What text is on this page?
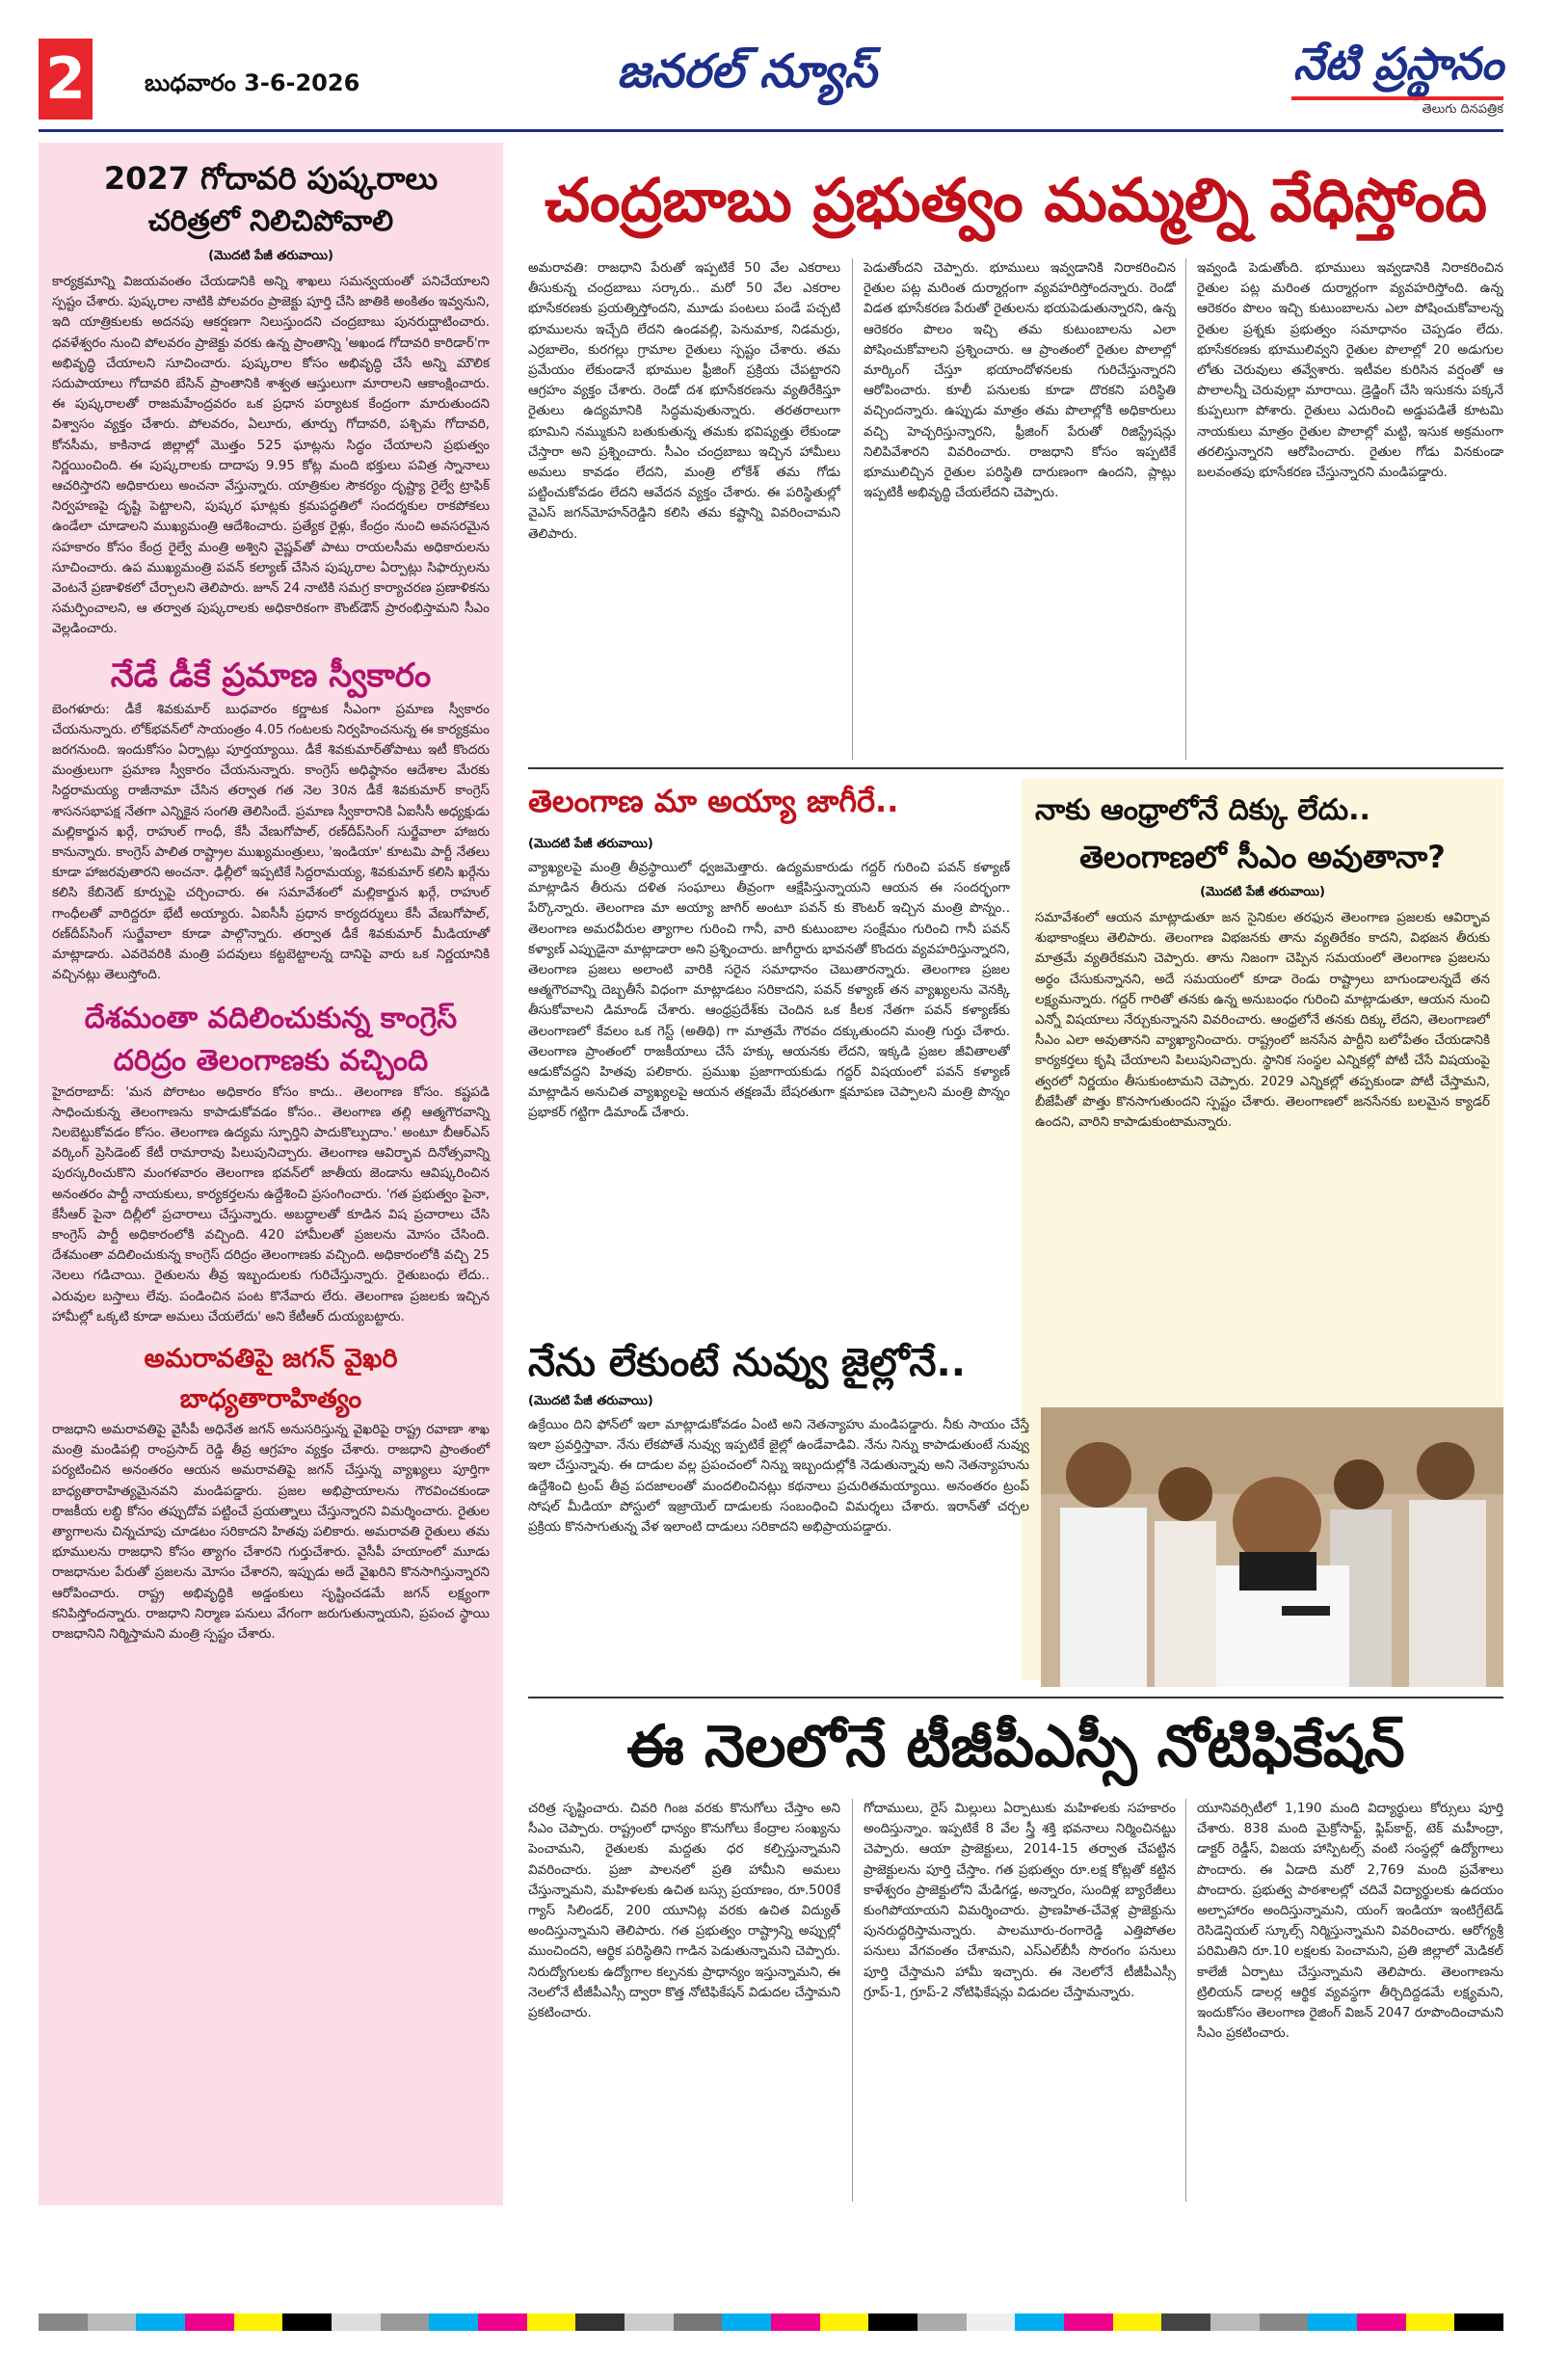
2	బుధవారం 3-6-2026	జనరల్ న్యూస్	నేటి ప్రస్థానం
తెలుగు దినపత్రిక
2027 గోదావరి పుష్కరాలు
చరిత్రలో నిలిచిపోవాలి
(మొదటి పేజీ తరువాయి)

కార్యక్రమాన్ని విజయవంతం చేయడానికి అన్ని శాఖలు సమన్వయంతో పనిచేయాలని స్పష్టం చేశారు. పుష్కరాల నాటికి పోలవరం ప్రాజెక్టు పూర్తి చేసి జాతికి అంకితం ఇవ్వనుని, ఇది యాత్రికులకు అదనపు ఆకర్షణగా నిలుస్తుందని చంద్రబాబు పునరుద్ఘాటించారు. ధవళేశ్వరం నుంచి పోలవరం ప్రాజెక్టు వరకు ఉన్న ప్రాంతాన్ని 'అఖండ గోదావరి కారిడార్'గా అభివృద్ధి చేయాలని సూచించారు. పుష్కరాల కోసం అభివృద్ధి చేసే అన్ని మౌలిక సదుపాయాలు గోదావరి బేసిన్ ప్రాంతానికి శాశ్వత ఆస్తులుగా మారాలని ఆకాంక్షించారు. ఈ పుష్కరాలతో రాజమహేంద్రవరం ఒక ప్రధాన పర్యాటక కేంద్రంగా మారుతుందని విశ్వాసం వ్యక్తం చేశారు. పోలవరం, ఏలూరు, తూర్పు గోదావరి, పశ్చిమ గోదావరి, కోనసీమ, కాకినాడ జిల్లాల్లో మొత్తం 525 ఘాట్లను సిద్ధం చేయాలని ప్రభుత్వం నిర్ణయించింది. ఈ పుష్కరాలకు దాదాపు 9.95 కోట్ల మంది భక్తులు పవిత్ర స్నానాలు ఆచరిస్తారని అధికారులు అంచనా వేస్తున్నారు. యాత్రికుల సౌకర్యం దృష్ట్యా రైల్వే ట్రాఫిక్ నిర్వహణపై దృష్టి పెట్టాలని, పుష్కర ఘాట్లకు క్రమపద్ధతిలో సందర్శకుల రాకపోకలు ఉండేలా చూడాలని ముఖ్యమంత్రి ఆదేశించారు. ప్రత్యేక రైళ్లు, కేంద్రం నుంచి అవసరమైన సహకారం కోసం కేంద్ర రైల్వే మంత్రి అశ్విని వైష్ణవ్‌తో పాటు రాయలసీమ అధికారులను సూచించారు. ఉప ముఖ్యమంత్రి పవన్ కల్యాణ్ చేసిన పుష్కరాల ఏర్పాట్లు సిఫార్సులను వెంటనే ప్రణాళికలో చేర్చాలని తెలిపారు. జూన్ 24 నాటికి సమగ్ర కార్యాచరణ ప్రణాళికను సమర్పించాలని, ఆ తర్వాత పుష్కరాలకు అధికారికంగా కౌంట్‌డౌన్ ప్రారంభిస్తామని సీఎం వెల్లడించారు.

నేడే డీకే ప్రమాణ స్వీకారం

బెంగళూరు: డీకే శివకుమార్ బుధవారం కర్ణాటక సీఎంగా ప్రమాణ స్వీకారం చేయనున్నారు. లోక్‌భవన్‌లో సాయంత్రం 4.05 గంటలకు నిర్వహించనున్న ఈ కార్యక్రమం జరగనుంది. ఇందుకోసం ఏర్పాట్లు పూర్తయ్యాయి. డీకే శివకుమార్‌తోపాటు ఇటీ కొందరు మంత్రులుగా ప్రమాణ స్వీకారం చేయనున్నారు. కాంగ్రెస్ అధిష్ఠానం ఆదేశాల మేరకు సిద్దరామయ్య రాజీనామా చేసిన తర్వాత గత నెల 30న డీకే శివకుమార్ కాంగ్రెస్ శాసనసభాపక్ష నేతగా ఎన్నికైన సంగతి తెలిసిందే. ప్రమాణ స్వీకారానికి ఏఐసీసీ అధ్యక్షుడు మల్లికార్జున ఖర్గే, రాహుల్ గాంధీ, కేసీ వేణుగోపాల్, రణ్‌దీప్‌సింగ్ సుర్జేవాలా హాజరు కానున్నారు. కాంగ్రెస్ పాలిత రాష్ట్రాల ముఖ్యమంత్రులు, 'ఇండియా' కూటమి పార్టీ నేతలు కూడా హాజరవుతారని అంచనా. ఢిల్లీలో ఇప్పటికే సిద్దరామయ్య, శివకుమార్ కలిసి ఖర్గేను కలిసి కేబినెట్ కూర్పుపై చర్చించారు. ఈ సమావేశంలో మల్లికార్జున ఖర్గే, రాహుల్ గాంధీలతో వారిద్దరూ భేటీ అయ్యారు. ఏఐసీసీ ప్రధాన కార్యదర్శులు కేసీ వేణుగోపాల్, రణ్‌దీప్‌సింగ్ సుర్జేవాలా కూడా పాల్గొన్నారు. తర్వాత డీకే శివకుమార్ మీడియాతో మాట్లాడారు. ఎవరెవరికి మంత్రి పదవులు కట్టబెట్టాలన్న దానిపై వారు ఒక నిర్ణయానికి వచ్చినట్లు తెలుస్తోంది.

దేశమంతా వదిలించుకున్న కాంగ్రెస్
దరిద్రం తెలంగాణకు వచ్చింది

హైదరాబాద్: 'మన పోరాటం అధికారం కోసం కాదు.. తెలంగాణ కోసం. కష్టపడి సాధించుకున్న తెలంగాణను కాపాడుకోవడం కోసం.. తెలంగాణ తల్లి ఆత్మగౌరవాన్ని నిలబెట్టుకోవడం కోసం. తెలంగాణ ఉద్యమ స్ఫూర్తిని పాదుకొల్పుదాం.' అంటూ బీఆర్ఎస్ వర్కింగ్ ప్రెసిడెంట్ కేటీ రామారావు పిలుపునిచ్చారు. తెలంగాణ ఆవిర్భావ దినోత్సవాన్ని పురస్కరించుకొని మంగళవారం తెలంగాణ భవన్‌లో జాతీయ జెండాను ఆవిష్కరించిన అనంతరం పార్టీ నాయకులు, కార్యకర్తలను ఉద్దేశించి ప్రసంగించారు. 'గత ప్రభుత్వం పైనా, కేసీఆర్ పైనా దిల్లీలో ప్రచారాలు చేస్తున్నారు. అబద్ధాలతో కూడిన విష ప్రచారాలు చేసి కాంగ్రెస్ పార్టీ అధికారంలోకి వచ్చింది. 420 హామీలతో ప్రజలను మోసం చేసింది. దేశమంతా వదిలించుకున్న కాంగ్రెస్ దరిద్రం తెలంగాణకు వచ్చింది. అధికారంలోకి వచ్చి 25 నెలలు గడిచాయి. రైతులను తీవ్ర ఇబ్బందులకు గురిచేస్తున్నారు. రైతుబంధు లేదు.. ఎరువుల బస్తాలు లేవు. పండించిన పంట కొనేవారు లేరు. తెలంగాణ ప్రజలకు ఇచ్చిన హామీల్లో ఒక్కటి కూడా అమలు చేయలేదు' అని కేటీఆర్ దుయ్యబట్టారు.

అమరావతిపై జగన్ వైఖరి బాధ్యతారాహిత్యం

రాజధాని అమరావతిపై వైసీపీ అధినేత జగన్ అనుసరిస్తున్న వైఖరిపై రాష్ట్ర రవాణా శాఖ మంత్రి మండిపల్లి రాంప్రసాద్ రెడ్డి తీవ్ర ఆగ్రహం వ్యక్తం చేశారు. రాజధాని ప్రాంతంలో పర్యటించిన అనంతరం ఆయన అమరావతిపై జగన్ చేస్తున్న వ్యాఖ్యలు పూర్తిగా బాధ్యతారాహిత్యమైనవని మండిపడ్డారు. ప్రజల అభిప్రాయాలను గౌరవించకుండా రాజకీయ లబ్ధి కోసం తప్పుదోవ పట్టించే ప్రయత్నాలు చేస్తున్నారని విమర్శించారు. రైతుల త్యాగాలను చిన్నచూపు చూడటం సరికాదని హితవు పలికారు. అమరావతి రైతులు తమ భూములను రాజధాని కోసం త్యాగం చేశారని గుర్తుచేశారు. వైసీపీ హయాంలో మూడు రాజధానుల పేరుతో ప్రజలను మోసం చేశారని, ఇప్పుడు అదే వైఖరిని కొనసాగిస్తున్నారని ఆరోపించారు. రాష్ట్ర అభివృద్ధికి అడ్డంకులు సృష్టించడమే జగన్ లక్ష్యంగా కనిపిస్తోందన్నారు. రాజధాని నిర్మాణ పనులు వేగంగా జరుగుతున్నాయని, ప్రపంచ స్థాయి రాజధానిని నిర్మిస్తామని మంత్రి స్పష్టం చేశారు.

చంద్రబాబు ప్రభుత్వం మమ్మల్ని వేధిస్తోంది
అమరావతి: రాజధాని పేరుతో ఇప్పటికే 50 వేల ఎకరాలు తీసుకున్న చంద్రబాబు సర్కారు.. మరో 50 వేల ఎకరాల భూసేకరణకు ప్రయత్నిస్తోందని, మూడు పంటలు పండే పచ్చటి భూములను ఇచ్చేది లేదని ఉండవల్లి, పెనుమాక, నిడమర్రు, ఎర్రబాలెం, కురగల్లు గ్రామాల రైతులు స్పష్టం చేశారు. తమ ప్రమేయం లేకుండానే భూముల ఫ్రీజింగ్ ప్రక్రియ చేపట్టారని ఆగ్రహం వ్యక్తం చేశారు. రెండో దశ భూసేకరణను వ్యతిరేకిస్తూ రైతులు ఉద్యమానికి సిద్ధమవుతున్నారు. తరతరాలుగా భూమిని నమ్ముకుని బతుకుతున్న తమకు భవిష్యత్తు లేకుండా చేస్తారా అని ప్రశ్నించారు. సీఎం చంద్రబాబు ఇచ్చిన హామీలు అమలు కావడం లేదని, మంత్రి లోకేశ్ తమ గోడు పట్టించుకోవడం లేదని ఆవేదన వ్యక్తం చేశారు. ఈ పరిస్థితుల్లో వైఎస్ జగన్‌మోహన్‌రెడ్డిని కలిసి తమ కష్టాన్ని వివరించామని తెలిపారు.
పెడుతోందని చెప్పారు. భూములు ఇవ్వడానికి నిరాకరించిన రైతుల పట్ల మరింత దుర్మార్గంగా వ్యవహరిస్తోందన్నారు. రెండో విడత భూసేకరణ పేరుతో రైతులను భయపెడుతున్నారని, ఉన్న ఆరెకరం పొలం ఇచ్చి తమ కుటుంబాలను ఎలా పోషించుకోవాలని ప్రశ్నించారు. ఆ ప్రాంతంలో రైతుల పొలాల్లో మార్కింగ్ చేస్తూ భయాందోళనలకు గురిచేస్తున్నారని ఆరోపించారు. కూలీ పనులకు కూడా దొరకని పరిస్థితి వచ్చిందన్నారు. ఉప్పుడు మాత్రం తమ పొలాల్లోకి అధికారులు వచ్చి హెచ్చరిస్తున్నారని, ఫ్రీజింగ్ పేరుతో రిజిస్ట్రేషన్లు నిలిపివేశారని వివరించారు. రాజధాని కోసం ఇప్పటికే భూములిచ్చిన రైతుల పరిస్థితి దారుణంగా ఉందని, ప్లాట్లు ఇప్పటికీ అభివృద్ధి చేయలేదని చెప్పారు.
ఇవ్వండి పెడుతోంది. భూములు ఇవ్వడానికి నిరాకరించిన రైతుల పట్ల మరింత దుర్మార్గంగా వ్యవహరిస్తోంది. ఉన్న ఆరెకరం పొలం ఇచ్చి కుటుంబాలను ఎలా పోషించుకోవాలన్న రైతుల ప్రశ్నకు ప్రభుత్వం సమాధానం చెప్పడం లేదు. భూసేకరణకు భూములివ్వని రైతుల పొలాల్లో 20 అడుగుల లోతు చెరువులు తవ్వేశారు. ఇటీవల కురిసిన వర్షంతో ఆ పొలాలన్నీ చెరువుల్లా మారాయి. డ్రెడ్జింగ్ చేసి ఇసుకను పక్కనే కుప్పలుగా పోశారు. రైతులు ఎదురించి అడ్డుపడితే కూటమి నాయకులు మాత్రం రైతుల పొలాల్లో మట్టి, ఇసుక అక్రమంగా తరలిస్తున్నారని ఆరోపించారు. రైతుల గోడు వినకుండా బలవంతపు భూసేకరణ చేస్తున్నారని మండిపడ్డారు.
తెలంగాణ మా అయ్యా జాగీరే..
(మొదటి పేజీ తరువాయి)
వ్యాఖ్యలపై మంత్రి తీవ్రస్థాయిలో ధ్వజమెత్తారు. ఉద్యమకారుడు గద్దర్ గురించి పవన్ కళ్యాణ్ మాట్లాడిన తీరును దళిత సంఘాలు తీవ్రంగా ఆక్షేపిస్తున్నాయని ఆయన ఈ సందర్భంగా పేర్కొన్నారు. తెలంగాణ మా అయ్యా జాగిర్ అంటూ పవన్ కు కౌంటర్ ఇచ్చిన మంత్రి పొన్నం.. తెలంగాణ అమరవీరుల త్యాగాల గురించి గానీ, వారి కుటుంబాల సంక్షేమం గురించి గానీ పవన్ కళ్యాణ్ ఎప్పుడైనా మాట్లాడారా అని ప్రశ్నించారు. జాగీర్దారు భావనతో కొందరు వ్యవహరిస్తున్నారని, తెలంగాణ ప్రజలు అలాంటి వారికి సరైన సమాధానం చెబుతారన్నారు. తెలంగాణ ప్రజల ఆత్మగౌరవాన్ని దెబ్బతీసే విధంగా మాట్లాడటం సరికాదని, పవన్ కళ్యాణ్ తన వ్యాఖ్యలను వెనక్కి తీసుకోవాలని డిమాండ్ చేశారు. ఆంధ్రప్రదేశ్‌కు చెందిన ఒక కీలక నేతగా పవన్ కళ్యాణ్‌కు తెలంగాణలో కేవలం ఒక గెస్ట్ (అతిథి) గా మాత్రమే గౌరవం దక్కుతుందని మంత్రి గుర్తు చేశారు. తెలంగాణ ప్రాంతంలో రాజకీయాలు చేసే హక్కు ఆయనకు లేదని, ఇక్కడి ప్రజల జీవితాలతో ఆడుకోవద్దని హితవు పలికారు. ప్రముఖ ప్రజాగాయకుడు గద్దర్ విషయంలో పవన్ కళ్యాణ్ మాట్లాడిన అనుచిత వ్యాఖ్యలపై ఆయన తక్షణమే బేషరతుగా క్షమాపణ చెప్పాలని మంత్రి పొన్నం ప్రభాకర్ గట్టిగా డిమాండ్ చేశారు.
నాకు ఆంధ్రాలోనే దిక్కు లేదు..
తెలంగాణలో సీఎం అవుతానా?
(మొదటి పేజీ తరువాయి)

సమావేశంలో ఆయన మాట్లాడుతూ జన సైనికుల తరఫున తెలంగాణ ప్రజలకు ఆవిర్భావ శుభాకాంక్షలు తెలిపారు. తెలంగాణ విభజనకు తాను వ్యతిరేకం కాదని, విభజన తీరుకు మాత్రమే వ్యతిరేకమని చెప్పారు. తాను నిజంగా చెప్పిన సమయంలో తెలంగాణ ప్రజలను అర్థం చేసుకున్నానని, అదే సమయంలో కూడా రెండు రాష్ట్రాలు బాగుండాలన్నదే తన లక్ష్యమన్నారు. గద్దర్ గారితో తనకు ఉన్న అనుబంధం గురించి మాట్లాడుతూ, ఆయన నుంచి ఎన్నో విషయాలు నేర్చుకున్నానని వివరించారు. ఆంధ్రలోనే తనకు దిక్కు లేదని, తెలంగాణలో సీఎం ఎలా అవుతానని వ్యాఖ్యానించారు. రాష్ట్రంలో జనసేన పార్టీని బలోపేతం చేయడానికి కార్యకర్తలు కృషి చేయాలని పిలుపునిచ్చారు. స్థానిక సంస్థల ఎన్నికల్లో పోటీ చేసే విషయంపై త్వరలో నిర్ణయం తీసుకుంటామని చెప్పారు. 2029 ఎన్నికల్లో తప్పకుండా పోటీ చేస్తామని, బీజేపీతో పొత్తు కొనసాగుతుందని స్పష్టం చేశారు. తెలంగాణలో జనసేనకు బలమైన క్యాడర్ ఉందని, వారిని కాపాడుకుంటామన్నారు.

నేను లేకుంటే నువ్వు జైల్లోనే..
(మొదటి పేజీ తరువాయి)
ఉక్రేయిం దిని ఫోన్‌లో ఇలా మాట్లాడుకోవడం ఏంటి అని నెతన్యాహు మండిపడ్డారు. నీకు సాయం చేస్తే ఇలా ప్రవర్తిస్తావా. నేను లేకపోతే నువ్వు ఇప్పటికే జైల్లో ఉండేవాడివి. నేను నిన్ను కాపాడుతుంటే నువ్వు ఇలా చేస్తున్నావు. ఈ దాడుల వల్ల ప్రపంచంలో నిన్ను ఇబ్బందుల్లోకి నెడుతున్నావు అని నెతన్యాహును ఉద్దేశించి ట్రంప్ తీవ్ర పదజాలంతో మందలించినట్లు కథనాలు ప్రచురితమయ్యాయి. అనంతరం ట్రంప్ సోషల్ మీడియా పోస్టులో ఇజ్రాయెల్ దాడులకు సంబంధించి విమర్శలు చేశారు. ఇరాన్‌తో చర్చల ప్రక్రియ కొనసాగుతున్న వేళ ఇలాంటి దాడులు సరికాదని అభిప్రాయపడ్డారు.
ఈ నెలలోనే టీజీపీఎస్సీ నోటిఫికేషన్
చరిత్ర సృష్టించారు. చివరి గింజ వరకు కొనుగోలు చేస్తాం అని సీఎం చెప్పారు. రాష్ట్రంలో ధాన్యం కొనుగోలు కేంద్రాల సంఖ్యను పెంచామని, రైతులకు మద్దతు ధర కల్పిస్తున్నామని వివరించారు. ప్రజా పాలనలో ప్రతి హామీని అమలు చేస్తున్నామని, మహిళలకు ఉచిత బస్సు ప్రయాణం, రూ.500కే గ్యాస్ సిలిండర్, 200 యూనిట్ల వరకు ఉచిత విద్యుత్ అందిస్తున్నామని తెలిపారు. గత ప్రభుత్వం రాష్ట్రాన్ని అప్పుల్లో ముంచిందని, ఆర్థిక పరిస్థితిని గాడిన పెడుతున్నామని చెప్పారు. నిరుద్యోగులకు ఉద్యోగాల కల్పనకు ప్రాధాన్యం ఇస్తున్నామని, ఈ నెలలోనే టీజీపీఎస్సీ ద్వారా కొత్త నోటిఫికేషన్ విడుదల చేస్తామని ప్రకటించారు.
గోదాములు, రైస్ మిల్లులు ఏర్పాటుకు మహిళలకు సహకారం అందిస్తున్నాం. ఇప్పటికే 8 వేల స్త్రీ శక్తి భవనాలు నిర్మించినట్టు చెప్పారు. ఆయా ప్రాజెక్టులు, 2014-15 తర్వాత చేపట్టిన ప్రాజెక్టులను పూర్తి చేస్తాం. గత ప్రభుత్వం రూ.లక్ష కోట్లతో కట్టిన కాళేశ్వరం ప్రాజెక్టులోని మేడిగడ్డ, అన్నారం, సుందిళ్ల బ్యారేజీలు కుంగిపోయాయని విమర్శించారు. ప్రాణహిత-చేవెళ్ల ప్రాజెక్టును పునరుద్ధరిస్తామన్నారు. పాలమూరు-రంగారెడ్డి ఎత్తిపోతల పనులు వేగవంతం చేశామని, ఎస్ఎల్‌బీసీ సొరంగం పనులు పూర్తి చేస్తామని హామీ ఇచ్చారు. ఈ నెలలోనే టీజీపీఎస్సీ గ్రూప్-1, గ్రూప్-2 నోటిఫికేషన్లు విడుదల చేస్తామన్నారు.
యూనివర్సిటీలో 1,190 మంది విద్యార్థులు కోర్సులు పూర్తి చేశారు. 838 మంది మైక్రోసాఫ్ట్, ఫ్లిప్‌కార్ట్, టెక్ మహీంద్రా, డాక్టర్ రెడ్డీస్, విజయ హాస్పిటల్స్ వంటి సంస్థల్లో ఉద్యోగాలు పొందారు. ఈ ఏడాది మరో 2,769 మంది ప్రవేశాలు పొందారు. ప్రభుత్వ పాఠశాలల్లో చదివే విద్యార్థులకు ఉదయం అల్పాహారం అందిస్తున్నామని, యంగ్ ఇండియా ఇంటిగ్రేటెడ్ రెసిడెన్షియల్ స్కూల్స్ నిర్మిస్తున్నామని వివరించారు. ఆరోగ్యశ్రీ పరిమితిని రూ.10 లక్షలకు పెంచామని, ప్రతి జిల్లాలో మెడికల్ కాలేజీ ఏర్పాటు చేస్తున్నామని తెలిపారు. తెలంగాణను ట్రిలియన్ డాలర్ల ఆర్థిక వ్యవస్థగా తీర్చిదిద్దడమే లక్ష్యమని, ఇందుకోసం తెలంగాణ రైజింగ్ విజన్ 2047 రూపొందించామని సీఎం ప్రకటించారు.
